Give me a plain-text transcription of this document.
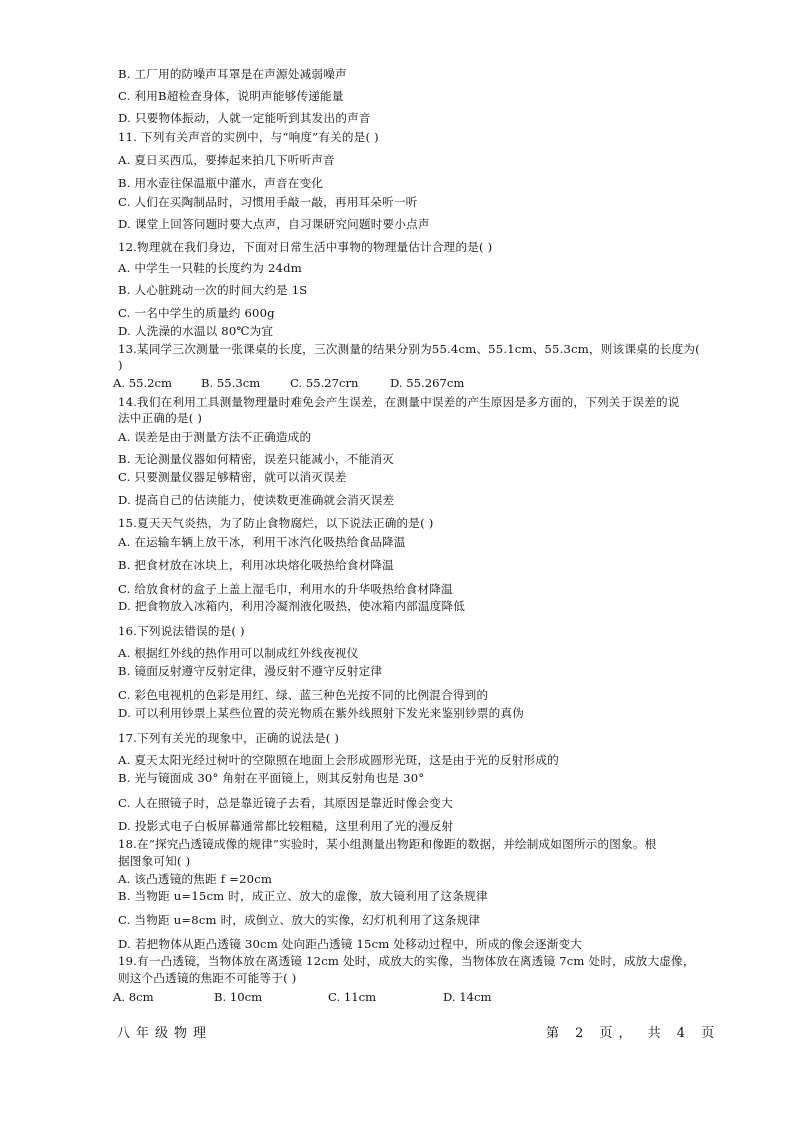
B. 工厂用的防噪声耳罩是在声源处减弱噪声
C. 利用B超检查身体，说明声能够传递能量
D. 只要物体振动，人就一定能听到其发出的声音
11. 下列有关声音的实例中，与“响度”有关的是( )
A. 夏日买西瓜，要捧起来拍几下听听声音
B. 用水壶往保温瓶中灌水，声音在变化
C. 人们在买陶制品时，习惯用手敲一敲，再用耳朵听一听
D. 课堂上回答问题时要大点声，自习课研究问题时要小点声
12.物理就在我们身边，下面对日常生活中事物的物理量估计合理的是( )
A. 中学生一只鞋的长度约为 24dm
B. 人心脏跳动一次的时间大约是 1S
C. 一名中学生的质量约 600g
D. 人洗澡的水温以 80℃为宜
13.某同学三次测量一张课桌的长度，三次测量的结果分别为55.4cm、55.1cm、55.3cm，则该课桌的长度为(
)
A. 55.2cm B. 55.3cm	C. 55.27crn	D. 55.267cm
14.我们在利用工具测量物理量时难免会产生误差，在测量中误差的产生原因是多方面的，下列关于误差的说
法中正确的是( )
A. 误差是由于测量方法不正确造成的
B. 无论测量仪器如何精密，误差只能减小，不能消灭
C. 只要测量仪器足够精密，就可以消灭误差
D. 提高自己的估读能力，使读数更准确就会消灭误差
15.夏天天气炎热，为了防止食物腐烂，以下说法正确的是( )
A. 在运输车辆上放干冰，利用干冰汽化吸热给食品降温
B. 把食材放在冰块上，利用冰块熔化吸热给食材降温
C. 给放食材的盒子上盖上湿毛巾，利用水的升华吸热给食材降温
D. 把食物放入冰箱内，利用冷凝剂液化吸热，使冰箱内部温度降低
16.下列说法错误的是( )
A. 根据红外线的热作用可以制成红外线夜视仪
B. 镜面反射遵守反射定律，漫反射不遵守反射定律
C. 彩色电视机的色彩是用红、绿、蓝三种色光按不同的比例混合得到的
D. 可以利用钞票上某些位置的荧光物质在紫外线照射下发光来鉴别钞票的真伪
17.下列有关光的现象中，正确的说法是( )
A. 夏天太阳光经过树叶的空隙照在地面上会形成圆形光斑，这是由于光的反射形成的
B. 光与镜面成 30° 角射在平面镜上，则其反射角也是 30°
C. 人在照镜子时，总是靠近镜子去看，其原因是靠近时像会变大
D. 投影式电子白板屏幕通常都比较粗糙，这里利用了光的漫反射
18.在“探究凸透镜成像的规律”实验时，某小组测量出物距和像距的数据，并绘制成如图所示的图象。根
据图象可知( )
A. 该凸透镜的焦距 f =20cm
B. 当物距 u=15cm 时，成正立、放大的虚像，放大镜利用了这条规律
C. 当物距 u=8cm 时，成倒立、放大的实像，幻灯机利用了这条规律
D. 若把物体从距凸透镜 30cm 处向距凸透镜 15cm 处移动过程中，所成的像会逐渐变大
19.有一凸透镜，当物体放在离透镜 12cm 处时，成放大的实像，当物体放在离透镜 7cm 处时，成放大虚像，
则这个凸透镜的焦距不可能等于( )
A. 8cm	B. 10cm	C. 11cm	D. 14cm
八年级物理	第 2 页， 共 4 页
